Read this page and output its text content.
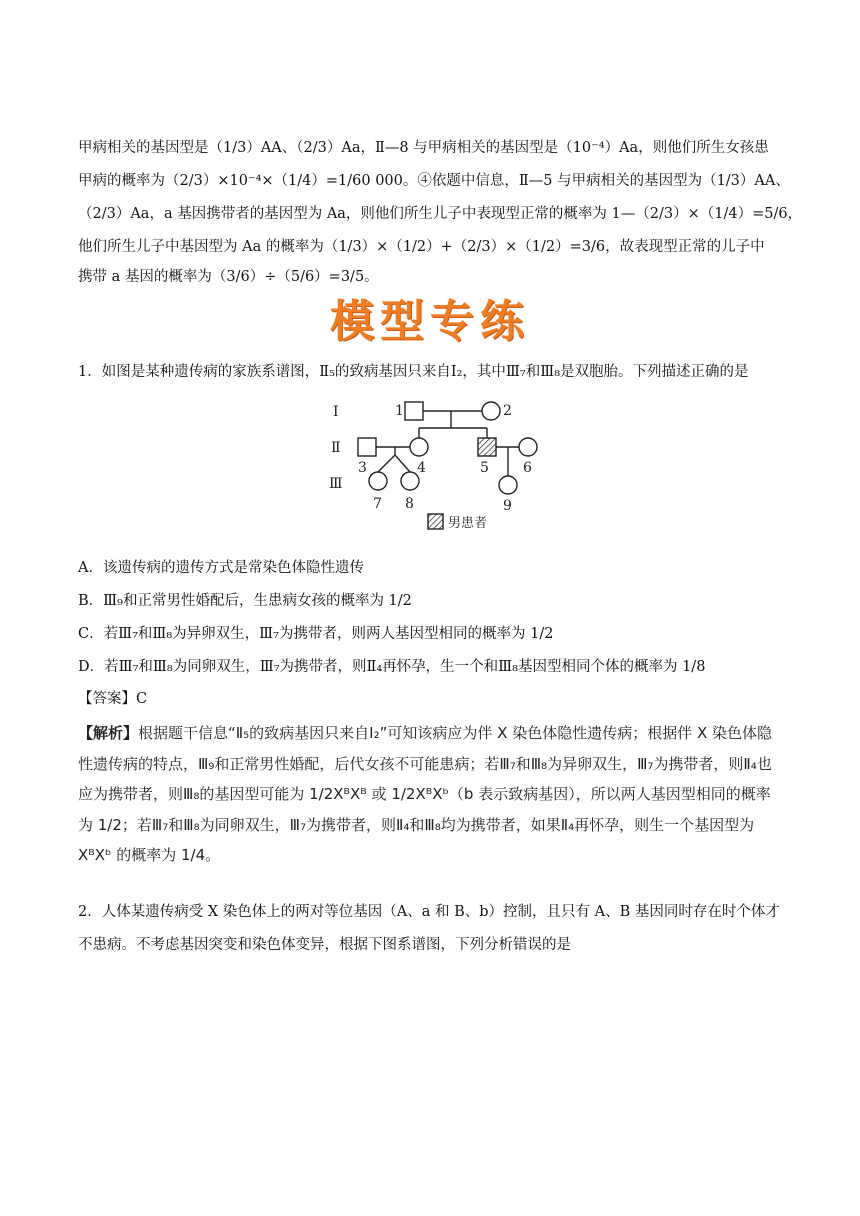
甲病相关的基因型是（1/3）AA、（2/3）Aa，Ⅱ—8 与甲病相关的基因型是（10⁻⁴）Aa，则他们所生女孩患
甲病的概率为（2/3）×10⁻⁴×（1/4）=1/60 000。④依题中信息，Ⅱ—5 与甲病相关的基因型为（1/3）AA、
（2/3）Aa，a 基因携带者的基因型为 Aa，则他们所生儿子中表现型正常的概率为 1—（2/3）×（1/4）=5/6，
他们所生儿子中基因型为 Aa 的概率为（1/3）×（1/2）+（2/3）×（1/2）=3/6，故表现型正常的儿子中
携带 a 基因的概率为（3/6）÷（5/6）=3/5。
模型专练
1．如图是某种遗传病的家族系谱图，Ⅱ₅的致病基因只来自Ⅰ₂，其中Ⅲ₇和Ⅲ₈是双胞胎。下列描述正确的是
Ⅰ
Ⅱ
Ⅲ
1	2
3	4	5 6
7 8	9
男患者
A．该遗传病的遗传方式是常染色体隐性遗传
B．Ⅲ₉和正常男性婚配后，生患病女孩的概率为 1/2
C．若Ⅲ₇和Ⅲ₈为异卵双生，Ⅲ₇为携带者，则两人基因型相同的概率为 1/2
D．若Ⅲ₇和Ⅲ₈为同卵双生，Ⅲ₇为携带者，则Ⅱ₄再怀孕，生一个和Ⅲ₈基因型相同个体的概率为 1/8
【答案】C
【解析】根据题干信息“Ⅱ₅的致病基因只来自Ⅰ₂”可知该病应为伴 X 染色体隐性遗传病；根据伴 X 染色体隐性遗传病的特点，Ⅲ₉和正常男性婚配，后代女孩不可能患病；若Ⅲ₇和Ⅲ₈为异卵双生，Ⅲ₇为携带者，则Ⅱ₄也应为携带者，则Ⅲ₈的基因型可能为 1/2XᴮXᴮ 或 1/2XᴮXᵇ（b 表示致病基因），所以两人基因型相同的概率为 1/2；若Ⅲ₇和Ⅲ₈为同卵双生，Ⅲ₇为携带者，则Ⅱ₄和Ⅲ₈均为携带者，如果Ⅱ₄再怀孕，则生一个基因型为 XᴮXᵇ 的概率为 1/4。
2．人体某遗传病受 X 染色体上的两对等位基因（A、a 和 B、b）控制，且只有 A、B 基因同时存在时个体才
不患病。不考虑基因突变和染色体变异，根据下图系谱图，下列分析错误的是
